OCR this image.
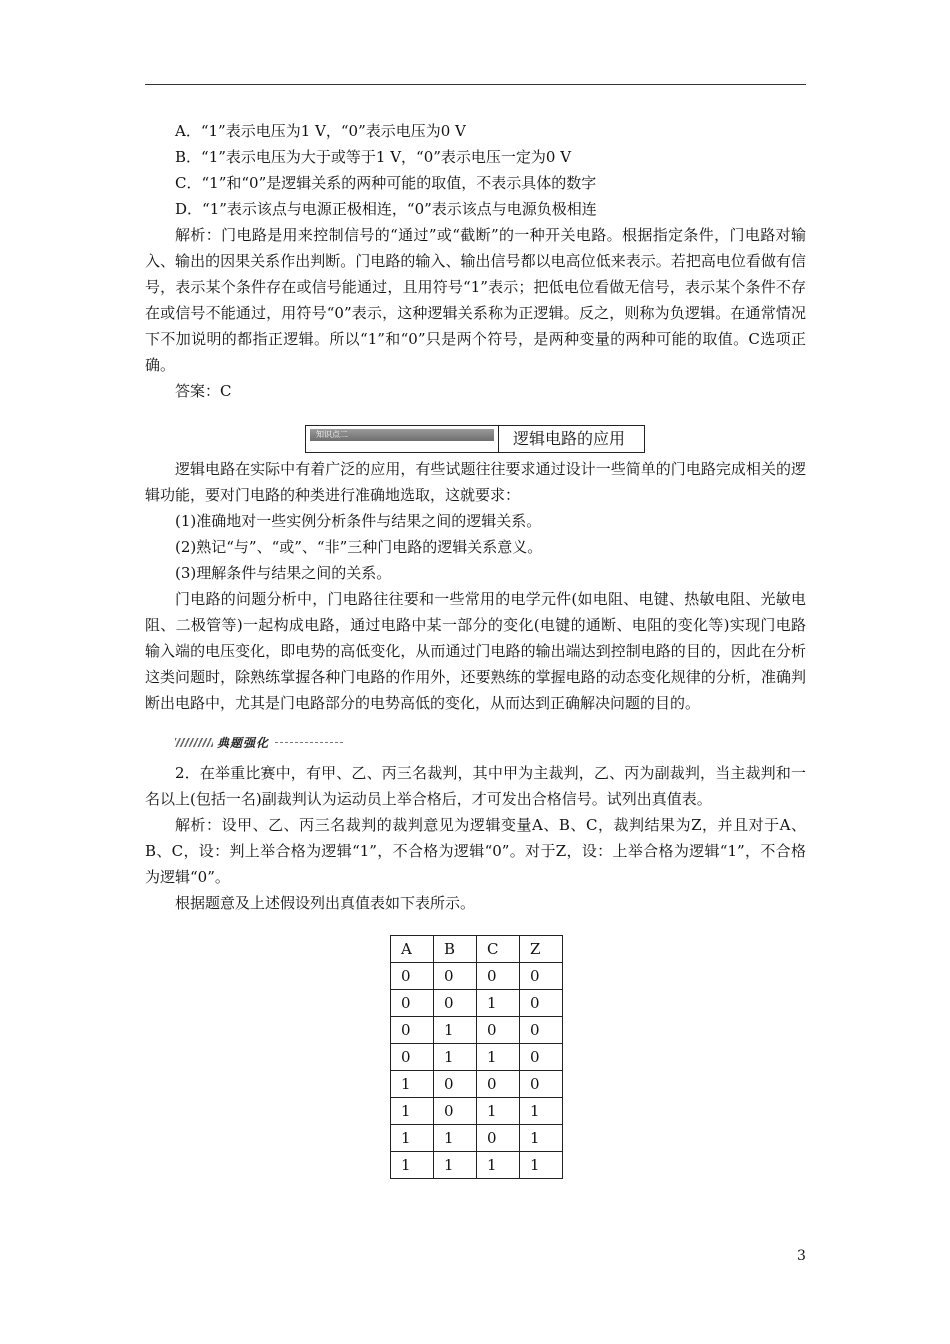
A．“1”表示电压为1 V，“0”表示电压为0 V

B．“1”表示电压为大于或等于1 V，“0”表示电压一定为0 V

C．“1”和“0”是逻辑关系的两种可能的取值，不表示具体的数字

D．“1”表示该点与电源正极相连，“0”表示该点与电源负极相连

解析：门电路是用来控制信号的“通过”或“截断”的一种开关电路。根据指定条件，门电路对输入、输出的因果关系作出判断。门电路的输入、输出信号都以电高位低来表示。若把高电位看做有信号，表示某个条件存在或信号能通过，且用符号“1”表示；把低电位看做无信号，表示某个条件不存在或信号不能通过，用符号“0”表示，这种逻辑关系称为正逻辑。反之，则称为负逻辑。在通常情况下不加说明的都指正逻辑。所以“1”和“0”只是两个符号，是两种变量的两种可能的取值。C选项正确。

答案：C

知识点二	逻辑电路的应用

逻辑电路在实际中有着广泛的应用，有些试题往往要求通过设计一些简单的门电路完成相关的逻辑功能，要对门电路的种类进行准确地选取，这就要求：

(1)准确地对一些实例分析条件与结果之间的逻辑关系。

(2)熟记“与”、“或”、“非”三种门电路的逻辑关系意义。

(3)理解条件与结果之间的关系。

门电路的问题分析中，门电路往往要和一些常用的电学元件(如电阻、电键、热敏电阻、光敏电阻、二极管等)一起构成电路，通过电路中某一部分的变化(电键的通断、电阻的变化等)实现门电路输入端的电压变化，即电势的高低变化，从而通过门电路的输出端达到控制电路的目的，因此在分析这类问题时，除熟练掌握各种门电路的作用外，还要熟练的掌握电路的动态变化规律的分析，准确判断出电路中，尤其是门电路部分的电势高低的变化，从而达到正确解决问题的目的。

典题强化

2．在举重比赛中，有甲、乙、丙三名裁判，其中甲为主裁判，乙、丙为副裁判，当主裁判和一名以上(包括一名)副裁判认为运动员上举合格后，才可发出合格信号。试列出真值表。

解析：设甲、乙、丙三名裁判的裁判意见为逻辑变量A、B、C，裁判结果为Z，并且对于A、B、C，设：判上举合格为逻辑“1”，不合格为逻辑“0”。对于Z，设：上举合格为逻辑“1”，不合格为逻辑“0”。

根据题意及上述假设列出真值表如下表所示。

A	B	C	Z
0	0	0	0
0	0	1	0
0	1	0	0
0	1	1	0
1	0	0	0
1	0	1	1
1	1	0	1
1	1	1	1
3
